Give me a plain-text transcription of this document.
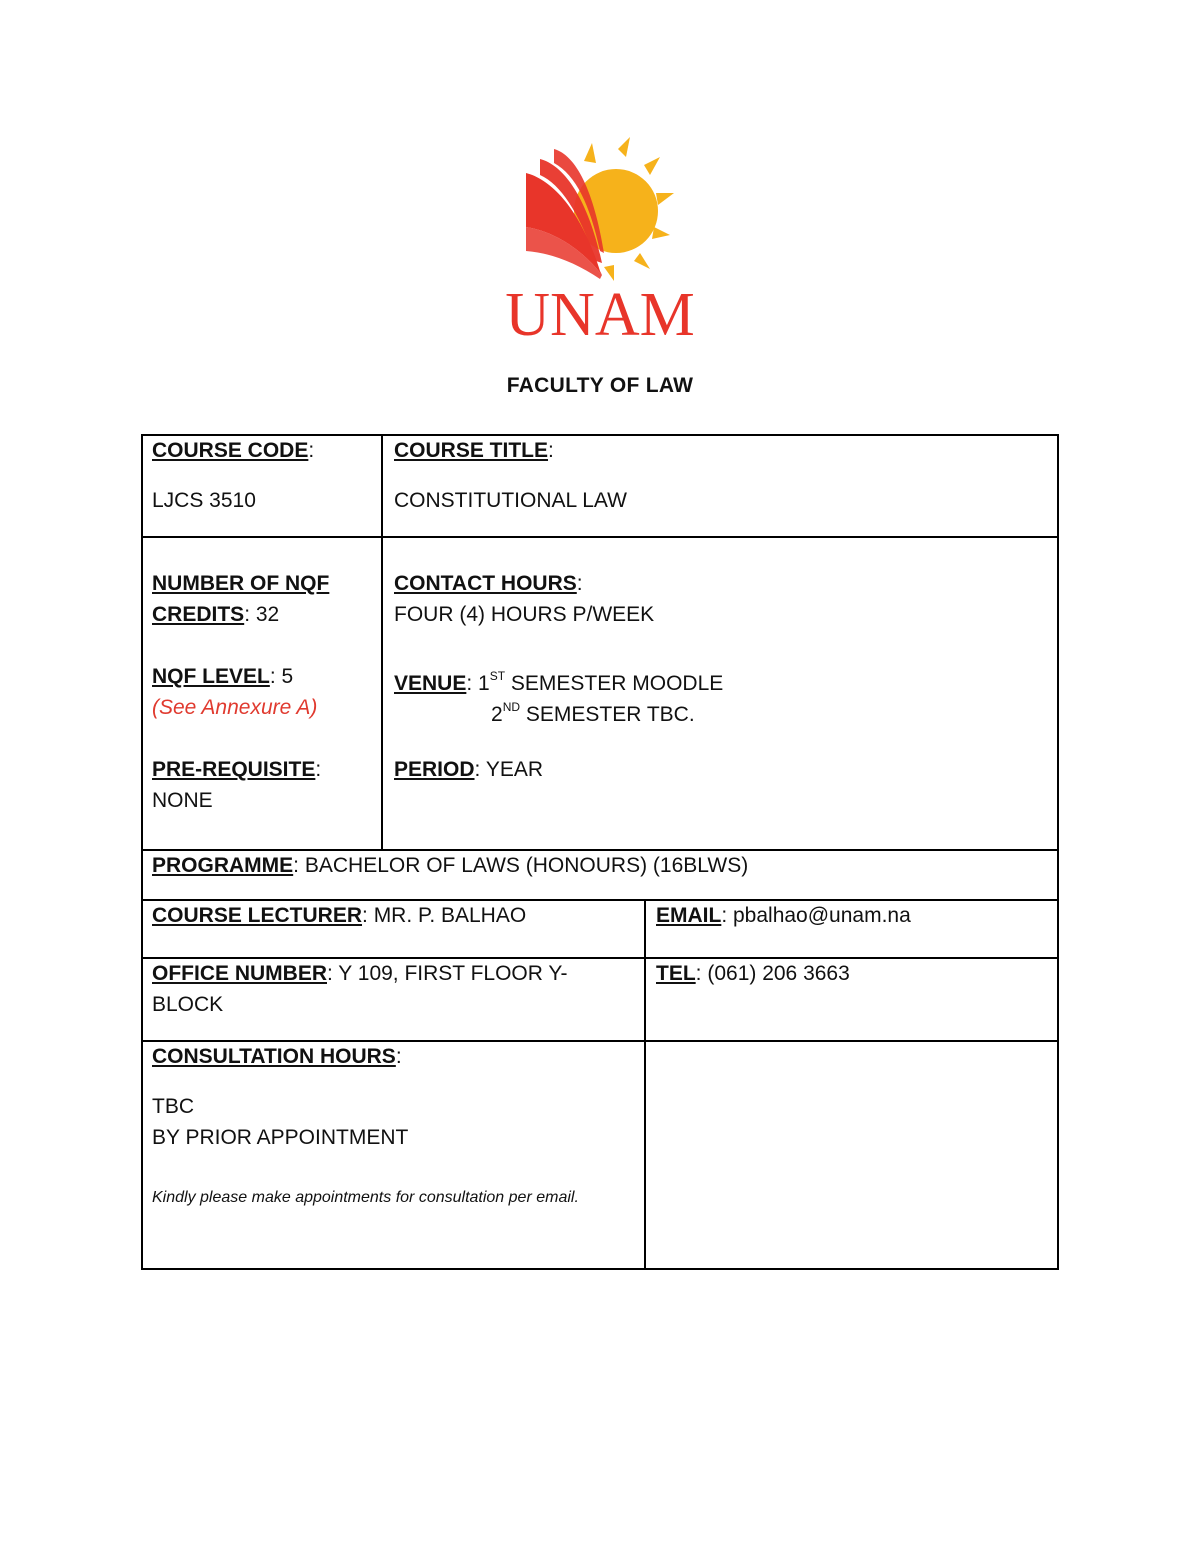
UNAM
FACULTY OF LAW
COURSE CODE:
LJCS 3510
COURSE TITLE:
CONSTITUTIONAL LAW
NUMBER OF NQF
CREDITS: 32
NQF LEVEL: 5
(See Annexure A)
PRE-REQUISITE:
NONE
CONTACT HOURS:
FOUR (4) HOURS P/WEEK
VENUE: 1ST SEMESTER MOODLE
2ND SEMESTER TBC.
PERIOD: YEAR
PROGRAMME: BACHELOR OF LAWS (HONOURS) (16BLWS)
COURSE LECTURER: MR. P. BALHAO	EMAIL: pbalhao@unam.na
OFFICE NUMBER: Y 109, FIRST FLOOR Y-
BLOCK
TEL: (061) 206 3663
CONSULTATION HOURS:
TBC
BY PRIOR APPOINTMENT
Kindly please make appointments for consultation per email.
